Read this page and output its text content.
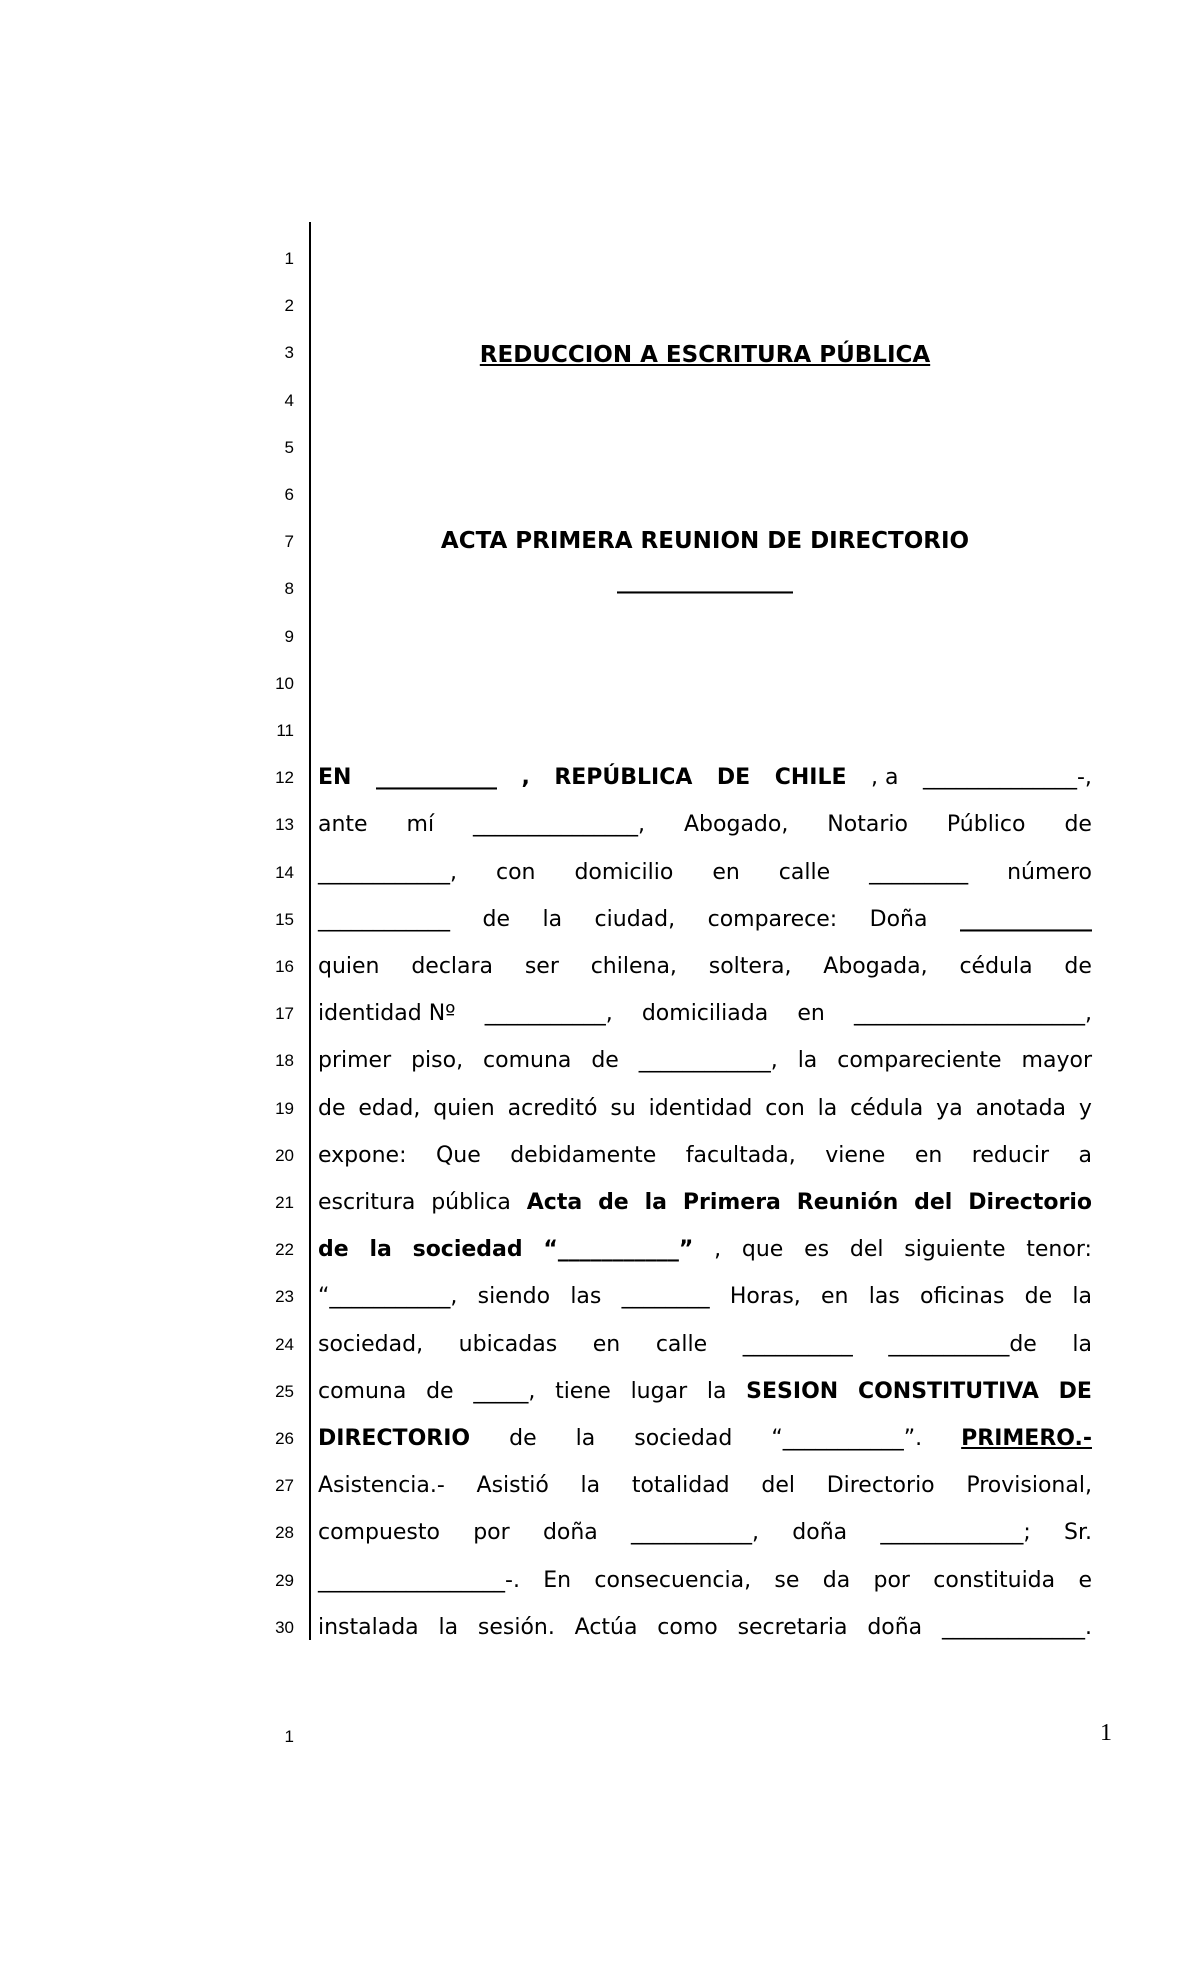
1
2
3
4
5
6
7
8
9
10
11
12
13
14
15
16
17
18
19
20
21
22
23
24
25
26
27
28
29
30
REDUCCION A ESCRITURA PÚBLICA
ACTA PRIMERA REUNION DE DIRECTORIO
________________
EN ___________ , REPÚBLICA DE CHILE , a ______________-,
ante mí _______________, Abogado, Notario Público de
____________, con domicilio en calle _________ número
____________ de la ciudad, comparece: Doña ____________
quien declara ser chilena, soltera, Abogada, cédula de
identidad Nº ___________, domiciliada en _____________________,
primer piso, comuna de ____________, la compareciente mayor
de edad, quien acreditó su identidad con la cédula ya anotada y
expone: Que debidamente facultada, viene en reducir a
escritura pública Acta de la Primera Reunión del Directorio
de la sociedad “___________” , que es del siguiente tenor:
“___________, siendo las ________ Horas, en las oficinas de la
sociedad, ubicadas en calle __________ ___________de la
comuna de _____, tiene lugar la SESION CONSTITUTIVA DE
DIRECTORIO de la sociedad “___________”. PRIMERO.-
Asistencia.- Asistió la totalidad del Directorio Provisional,
compuesto por doña ___________, doña _____________; Sr.
_________________-. En consecuencia, se da por constituida e
instalada la sesión. Actúa como secretaria doña _____________.
1	1
